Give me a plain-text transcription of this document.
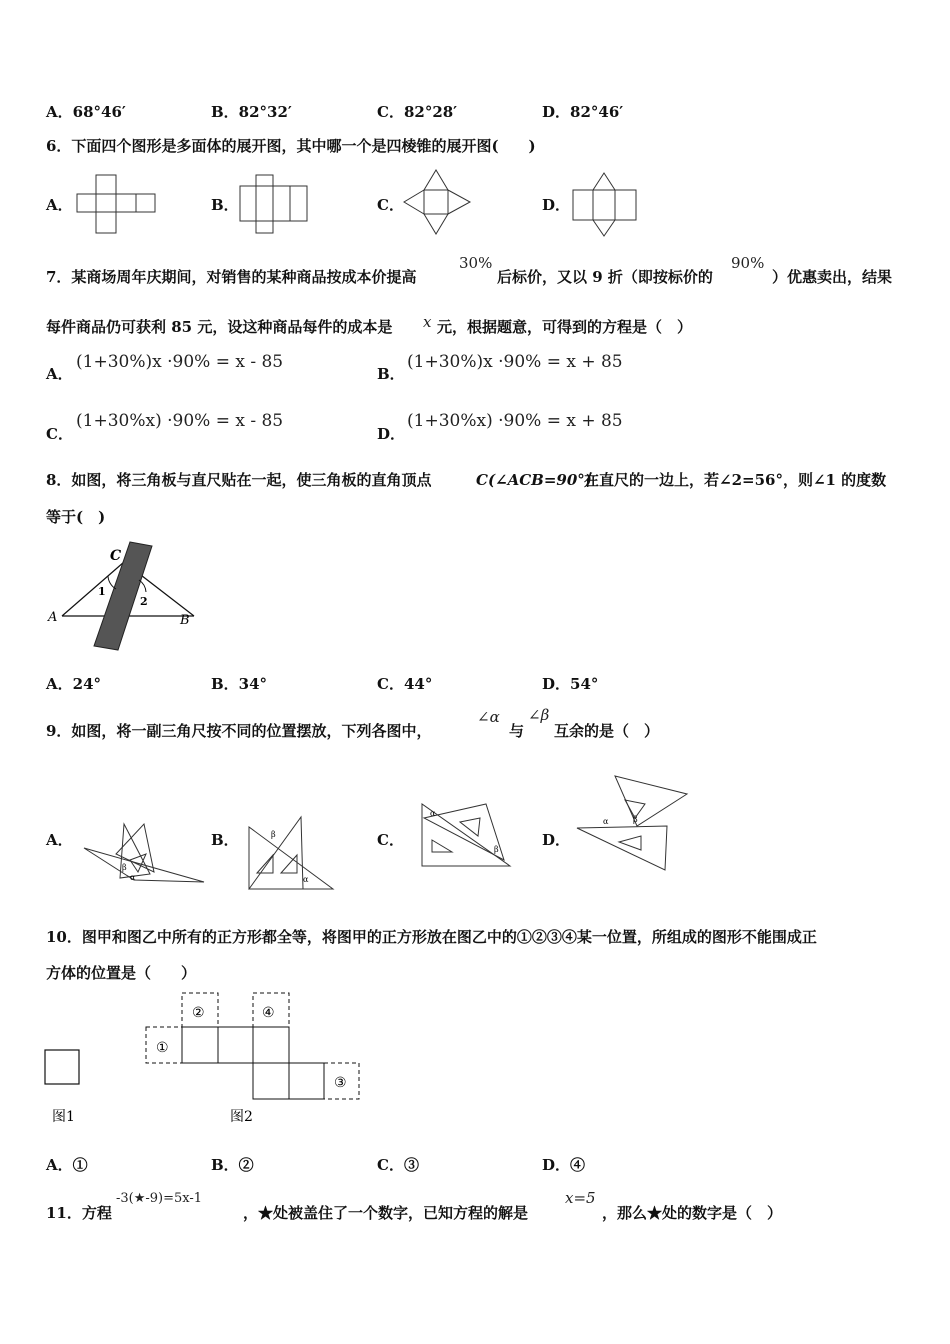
A．68°46′	B．82°32′	C．82°28′	D．82°46′
6．下面四个图形是多面体的展开图，其中哪一个是四棱锥的展开图(　　)
A．	B．	C．	D．
7．某商场周年庆期间，对销售的某种商品按成本价提高
30%
后标价，又以 9 折（即按标价的
90%
）优惠卖出，结果
每件商品仍可获利 85 元，设这种商品每件的成本是 x 元，根据题意，可得到的方程是（　）
A．
(1+30%)x ·90% = x - 85
B．
(1+30%)x ·90% = x + 85
C．
(1+30%x) ·90% = x - 85
D．
(1+30%x) ·90% = x + 85
8．如图，将三角板与直尺贴在一起，使三角板的直角顶点	C(∠ACB=90°)
在直尺的一边上，若∠2=56°，则∠1 的度数
等于(　)
C
A	B
1
2
A．24°	B．34°	C．44°	D．54°
9．如图，将一副三角尺按不同的位置摆放，下列各图中，
∠α
与
∠β
互余的是（　）
A．	B．	C．	D．
β
α
β
α
α
β
α	β
10．图甲和图乙中所有的正方形都全等，将图甲的正方形放在图乙中的①②③④某一位置，所组成的图形不能围成正
方体的位置是（　　）
①
②
③
④
图1	图2
A．①	B．②	C．③	D．④
11．方程
-3(★-9)=5x-1
，★处被盖住了一个数字，已知方程的解是
x=5
，那么★处的数字是（　）
